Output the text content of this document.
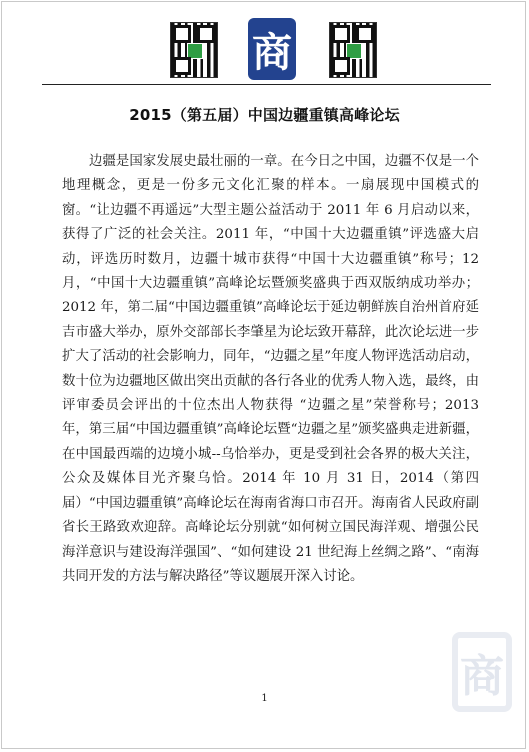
商
2015（第五届）中国边疆重镇高峰论坛

边疆是国家发展史最壮丽的一章。在今日之中国，边疆不仅是一个地理概念，更是一份多元文化汇聚的样本。一扇展现中国模式的窗。“让边疆不再遥远”大型主题公益活动于 2011 年 6 月启动以来，获得了广泛的社会关注。2011 年，“中国十大边疆重镇”评选盛大启动，评选历时数月，边疆十城市获得“中国十大边疆重镇”称号；12 月，“中国十大边疆重镇”高峰论坛暨颁奖盛典于西双版纳成功举办；2012 年，第二届“中国边疆重镇”高峰论坛于延边朝鲜族自治州首府延吉市盛大举办，原外交部部长李肇星为论坛致开幕辞，此次论坛进一步扩大了活动的社会影响力，同年，“边疆之星”年度人物评选活动启动，数十位为边疆地区做出突出贡献的各行各业的优秀人物入选，最终，由评审委员会评出的十位杰出人物获得 “边疆之星”荣誉称号；2013 年，第三届“中国边疆重镇”高峰论坛暨“边疆之星”颁奖盛典走进新疆，在中国最西端的边境小城--乌恰举办，更是受到社会各界的极大关注，公众及媒体目光齐聚乌恰。2014 年 10 月 31 日，2014（第四届）“中国边疆重镇”高峰论坛在海南省海口市召开。海南省人民政府副省长王路致欢迎辞。高峰论坛分别就“如何树立国民海洋观、增强公民海洋意识与建设海洋强国”、“如何建设 21 世纪海上丝绸之路”、“南海共同开发的方法与解决路径”等议题展开深入讨论。

1	商
